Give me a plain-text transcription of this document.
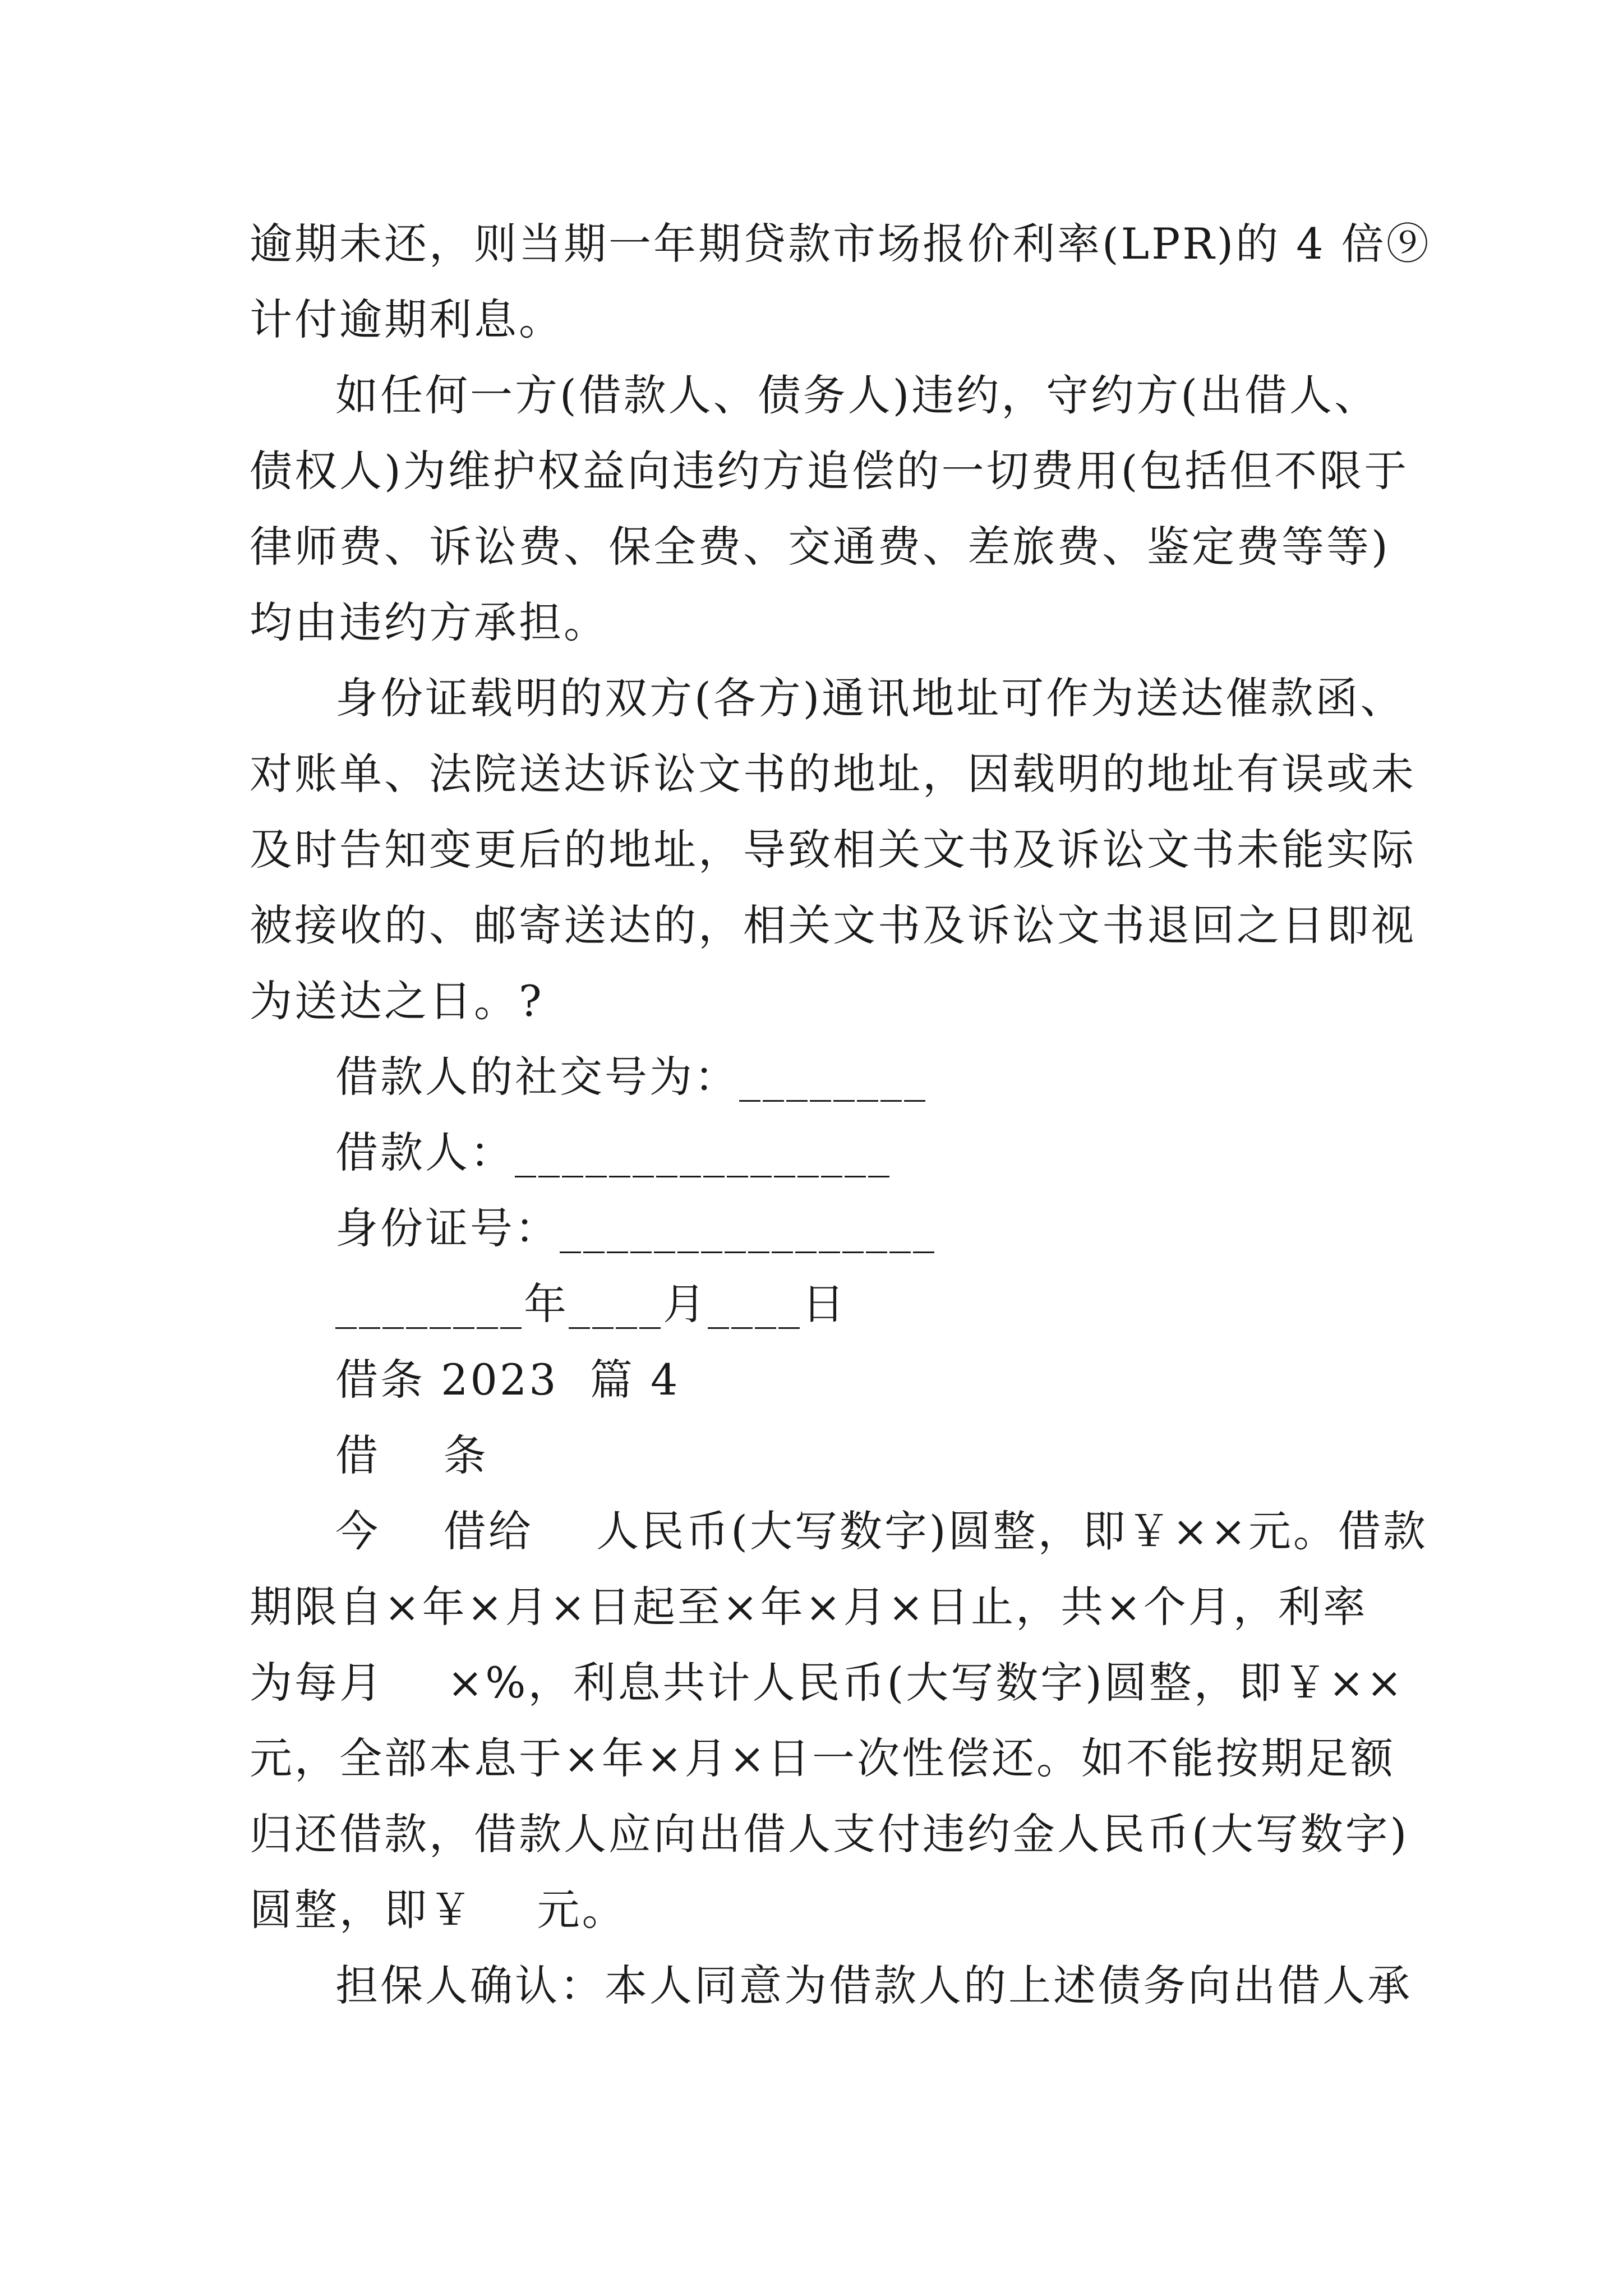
逾期未还，则当期一年期贷款市场报价利率(LPR)的 4 倍⑨
计付逾期利息。
如任何一方(借款人、债务人)违约，守约方(出借人、
债权人)为维护权益向违约方追偿的一切费用(包括但不限于
律师费、诉讼费、保全费、交通费、差旅费、鉴定费等等)
均由违约方承担。
身份证载明的双方(各方)通讯地址可作为送达催款函、
对账单、法院送达诉讼文书的地址，因载明的地址有误或未
及时告知变更后的地址，导致相关文书及诉讼文书未能实际
被接收的、邮寄送达的，相关文书及诉讼文书退回之日即视
为送达之日。?
借款人的社交号为：________
借款人：________________
身份证号：________________
________年____月____日
借条 2023  篇 4
借    条
今    借给    人民币(大写数字)圆整，即￥××元。借款
期限自×年×月×日起至×年×月×日止，共×个月，利率
为每月    ×%，利息共计人民币(大写数字)圆整，即￥××
元，全部本息于×年×月×日一次性偿还。如不能按期足额
归还借款，借款人应向出借人支付违约金人民币(大写数字)
圆整，即￥    元。
担保人确认：本人同意为借款人的上述债务向出借人承
